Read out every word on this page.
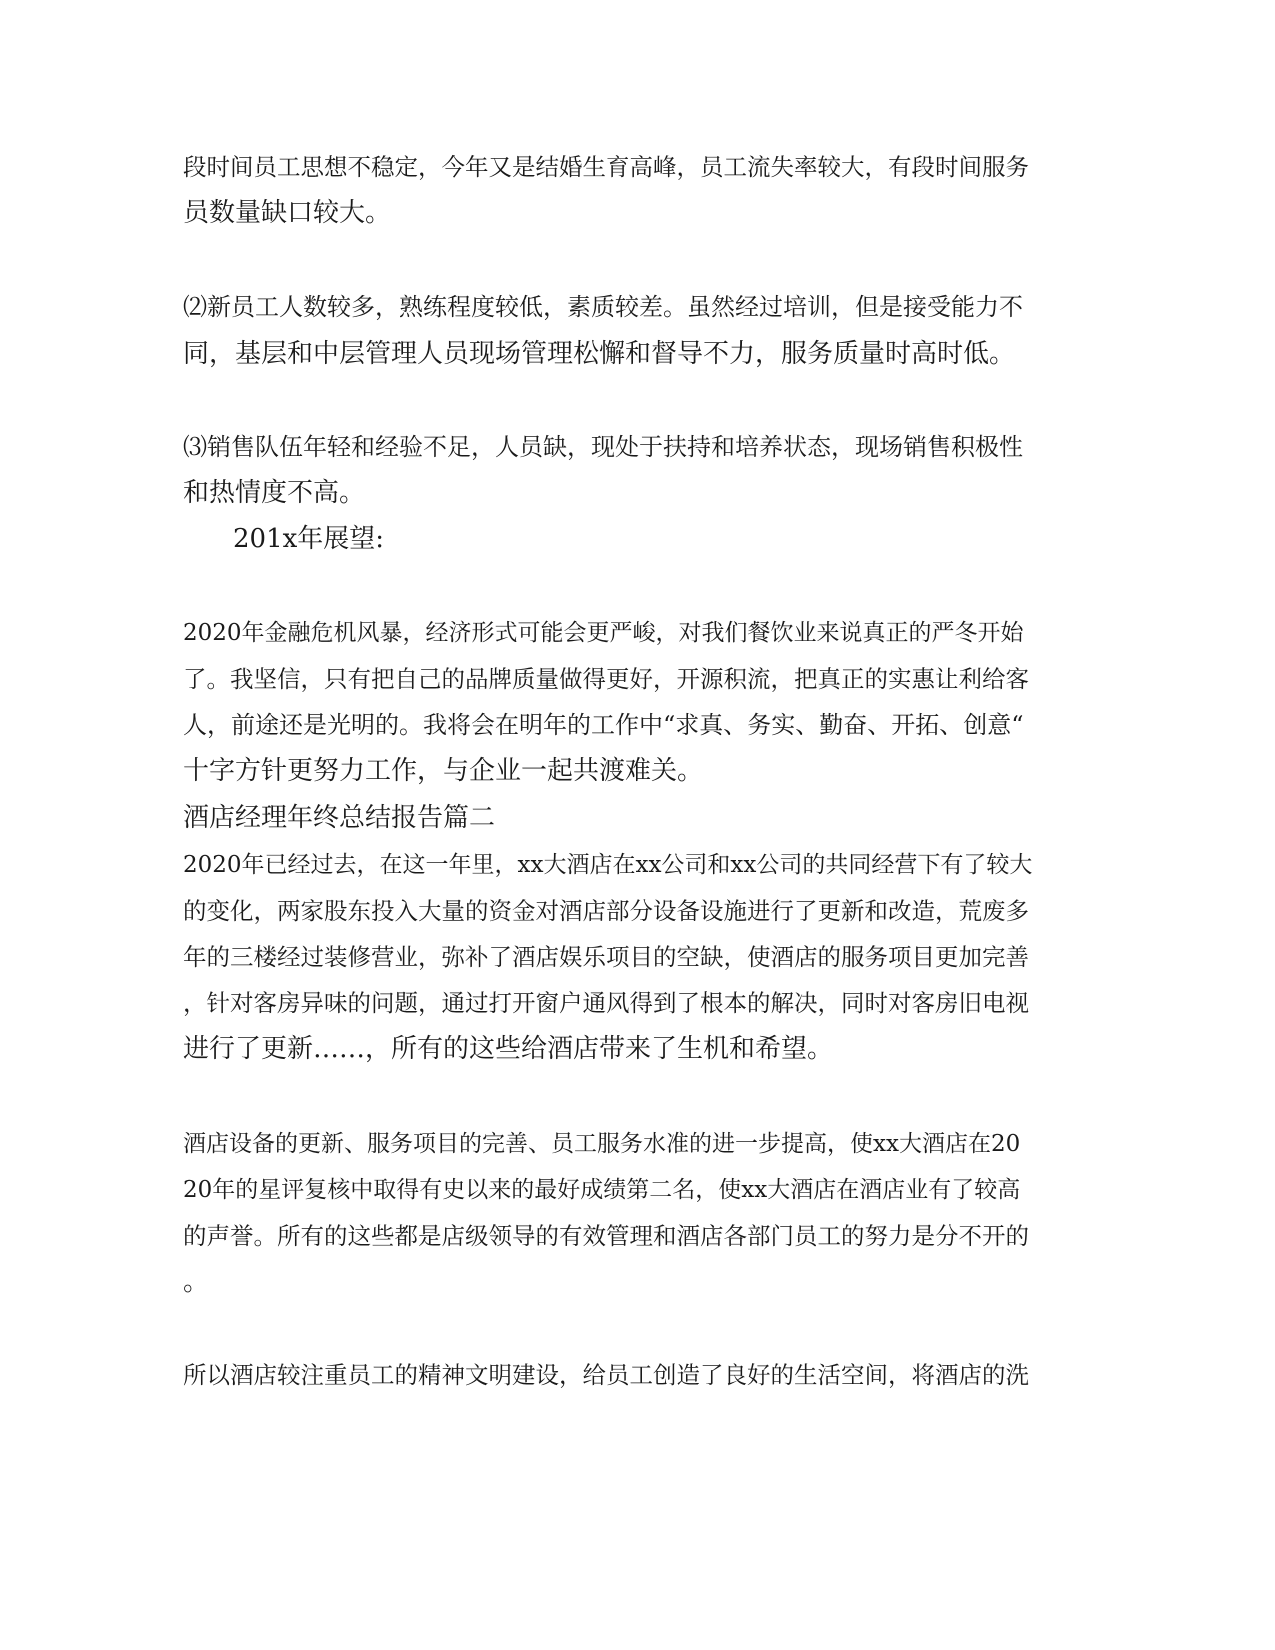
段时间员工思想不稳定，今年又是结婚生育高峰，员工流失率较大，有段时间服务

员数量缺口较大。

⑵新员工人数较多，熟练程度较低，素质较差。虽然经过培训，但是接受能力不

同，基层和中层管理人员现场管理松懈和督导不力，服务质量时高时低。

⑶销售队伍年轻和经验不足，人员缺，现处于扶持和培养状态，现场销售积极性

和热情度不高。

201x年展望:

2020年金融危机风暴，经济形式可能会更严峻，对我们餐饮业来说真正的严冬开始

了。我坚信，只有把自己的品牌质量做得更好，开源积流，把真正的实惠让利给客

人，前途还是光明的。我将会在明年的工作中“求真、务实、勤奋、开拓、创意“

十字方针更努力工作，与企业一起共渡难关。

酒店经理年终总结报告篇二

2020年已经过去，在这一年里，xx大酒店在xx公司和xx公司的共同经营下有了较大

的变化，两家股东投入大量的资金对酒店部分设备设施进行了更新和改造，荒废多

年的三楼经过装修营业，弥补了酒店娱乐项目的空缺，使酒店的服务项目更加完善

，针对客房异味的问题，通过打开窗户通风得到了根本的解决，同时对客房旧电视

进行了更新……，所有的这些给酒店带来了生机和希望。

酒店设备的更新、服务项目的完善、员工服务水准的进一步提高，使xx大酒店在20

20年的星评复核中取得有史以来的最好成绩第二名，使xx大酒店在酒店业有了较高

的声誉。所有的这些都是店级领导的有效管理和酒店各部门员工的努力是分不开的

。

所以酒店较注重员工的精神文明建设，给员工创造了良好的生活空间，将酒店的洗
